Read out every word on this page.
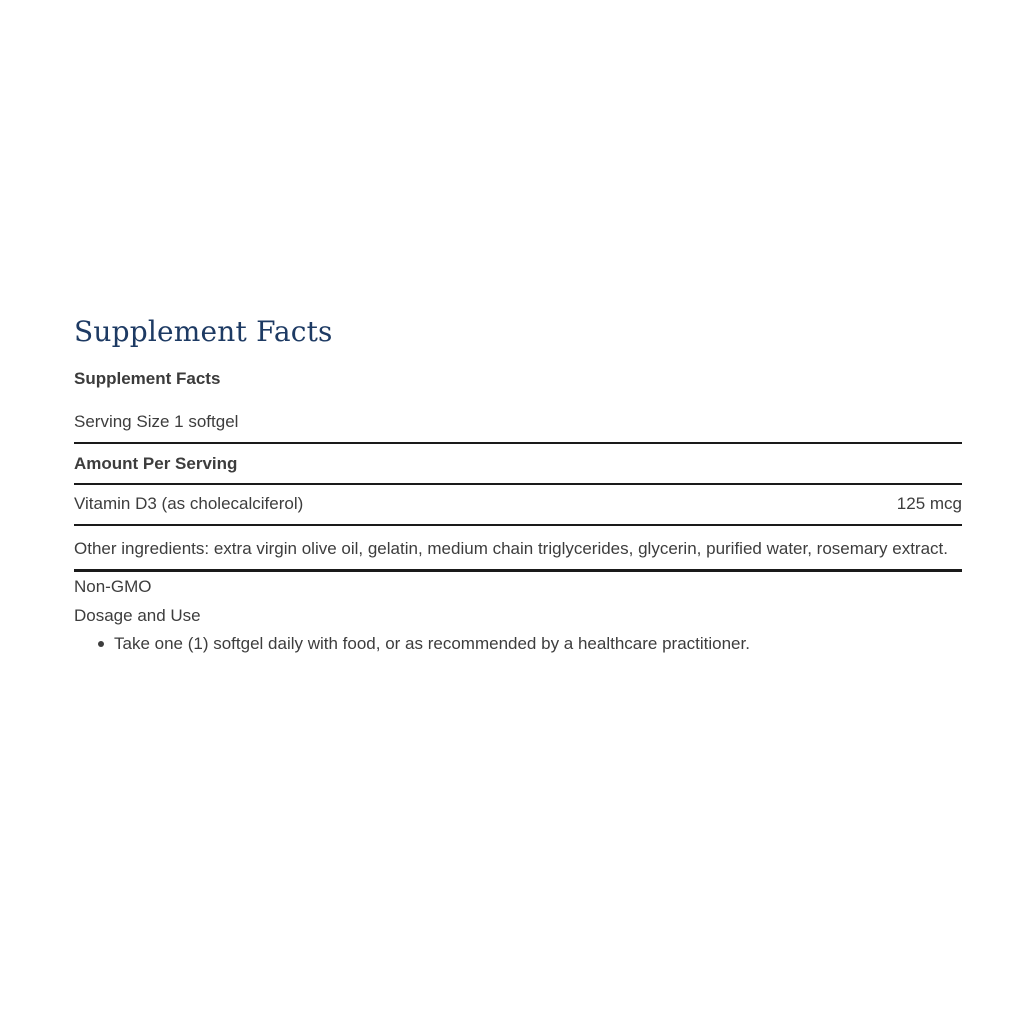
Supplement Facts
Supplement Facts
Serving Size 1 softgel
Amount Per Serving
Vitamin D3 (as cholecalciferol)	125 mcg
Other ingredients: extra virgin olive oil, gelatin, medium chain triglycerides, glycerin, purified water, rosemary extract.
Non-GMO
Dosage and Use
Take one (1) softgel daily with food, or as recommended by a healthcare practitioner.
